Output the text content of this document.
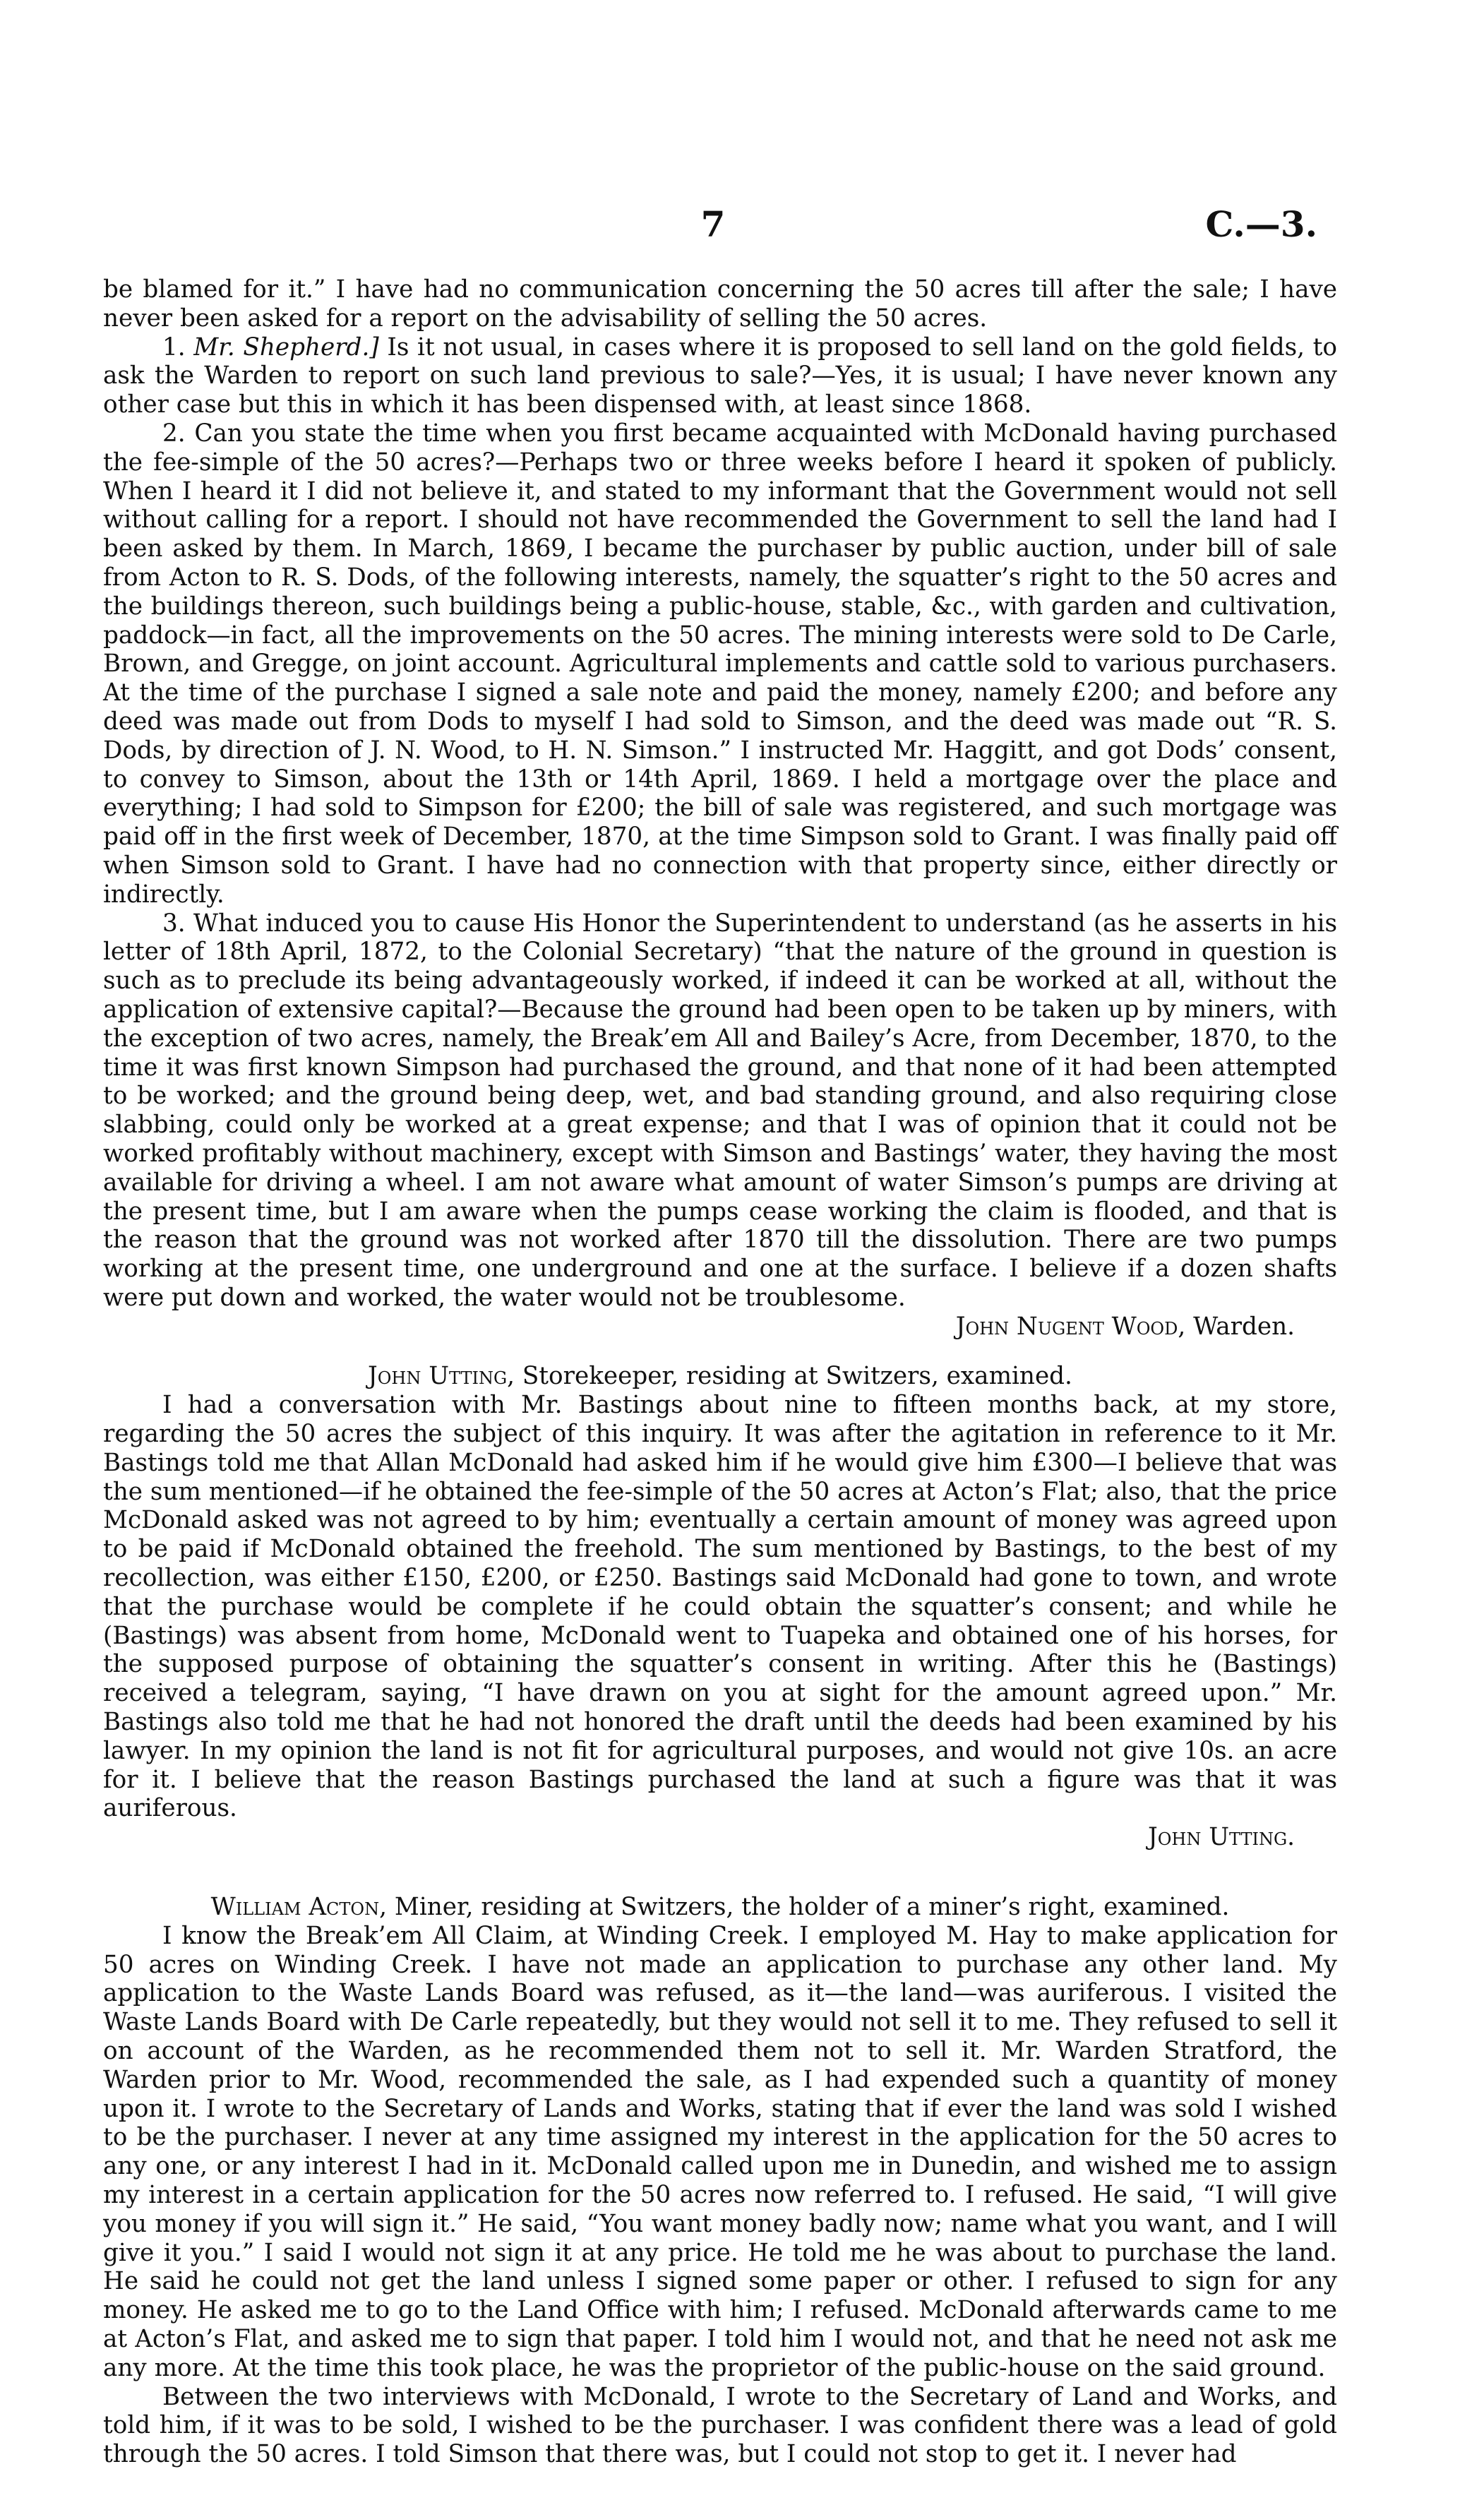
7	C.—3.

be blamed for it.” I have had no communication concerning the 50 acres till after the sale; I have never been asked for a report on the advisability of selling the 50 acres.

1. Mr. Shepherd.] Is it not usual, in cases where it is proposed to sell land on the gold fields, to ask the Warden to report on such land previous to sale?—Yes, it is usual; I have never known any other case but this in which it has been dispensed with, at least since 1868.

2. Can you state the time when you first became acquainted with McDonald having purchased the fee-simple of the 50 acres?—Perhaps two or three weeks before I heard it spoken of publicly. When I heard it I did not believe it, and stated to my informant that the Government would not sell without calling for a report. I should not have recommended the Government to sell the land had I been asked by them. In March, 1869, I became the purchaser by public auction, under bill of sale from Acton to R. S. Dods, of the following interests, namely, the squatter’s right to the 50 acres and the buildings thereon, such buildings being a public-house, stable, &c., with garden and cultivation, paddock—in fact, all the improvements on the 50 acres. The mining interests were sold to De Carle, Brown, and Gregge, on joint account. Agricultural implements and cattle sold to various purchasers. At the time of the purchase I signed a sale note and paid the money, namely £200; and before any deed was made out from Dods to myself I had sold to Simson, and the deed was made out “R. S. Dods, by direction of J. N. Wood, to H. N. Simson.” I instructed Mr. Haggitt, and got Dods’ consent, to convey to Simson, about the 13th or 14th April, 1869. I held a mortgage over the place and everything; I had sold to Simpson for £200; the bill of sale was registered, and such mortgage was paid off in the first week of December, 1870, at the time Simpson sold to Grant. I was finally paid off when Simson sold to Grant. I have had no connection with that property since, either directly or indirectly.

3. What induced you to cause His Honor the Superintendent to understand (as he asserts in his letter of 18th April, 1872, to the Colonial Secretary) “that the nature of the ground in question is such as to preclude its being advantageously worked, if indeed it can be worked at all, without the application of extensive capital?—Because the ground had been open to be taken up by miners, with the exception of two acres, namely, the Break’em All and Bailey’s Acre, from December, 1870, to the time it was first known Simpson had purchased the ground, and that none of it had been attempted to be worked; and the ground being deep, wet, and bad standing ground, and also requiring close slabbing, could only be worked at a great expense; and that I was of opinion that it could not be worked profitably without machinery, except with Simson and Bastings’ water, they having the most available for driving a wheel. I am not aware what amount of water Simson’s pumps are driving at the present time, but I am aware when the pumps cease working the claim is flooded, and that is the reason that the ground was not worked after 1870 till the dissolution. There are two pumps working at the present time, one underground and one at the surface. I believe if a dozen shafts were put down and worked, the water would not be troublesome.

John Nugent Wood, Warden.

John Utting, Storekeeper, residing at Switzers, examined.

I had a conversation with Mr. Bastings about nine to fifteen months back, at my store, regarding the 50 acres the subject of this inquiry. It was after the agitation in reference to it Mr. Bastings told me that Allan McDonald had asked him if he would give him £300—I believe that was the sum mentioned—if he obtained the fee-simple of the 50 acres at Acton’s Flat; also, that the price McDonald asked was not agreed to by him; eventually a certain amount of money was agreed upon to be paid if McDonald obtained the freehold. The sum mentioned by Bastings, to the best of my recollection, was either £150, £200, or £250. Bastings said McDonald had gone to town, and wrote that the purchase would be complete if he could obtain the squatter’s consent; and while he (Bastings) was absent from home, McDonald went to Tuapeka and obtained one of his horses, for the supposed purpose of obtaining the squatter’s consent in writing. After this he (Bastings) received a telegram, saying, “I have drawn on you at sight for the amount agreed upon.” Mr. Bastings also told me that he had not honored the draft until the deeds had been examined by his lawyer. In my opinion the land is not fit for agricultural purposes, and would not give 10s. an acre for it. I believe that the reason Bastings purchased the land at such a figure was that it was auriferous.

John Utting.

William Acton, Miner, residing at Switzers, the holder of a miner’s right, examined.

I know the Break’em All Claim, at Winding Creek. I employed M. Hay to make application for 50 acres on Winding Creek. I have not made an application to purchase any other land. My application to the Waste Lands Board was refused, as it—the land—was auriferous. I visited the Waste Lands Board with De Carle repeatedly, but they would not sell it to me. They refused to sell it on account of the Warden, as he recommended them not to sell it. Mr. Warden Stratford, the Warden prior to Mr. Wood, recommended the sale, as I had expended such a quantity of money upon it. I wrote to the Secretary of Lands and Works, stating that if ever the land was sold I wished to be the purchaser. I never at any time assigned my interest in the application for the 50 acres to any one, or any interest I had in it. McDonald called upon me in Dunedin, and wished me to assign my interest in a certain application for the 50 acres now referred to. I refused. He said, “I will give you money if you will sign it.” He said, “You want money badly now; name what you want, and I will give it you.” I said I would not sign it at any price. He told me he was about to purchase the land. He said he could not get the land unless I signed some paper or other. I refused to sign for any money. He asked me to go to the Land Office with him; I refused. McDonald afterwards came to me at Acton’s Flat, and asked me to sign that paper. I told him I would not, and that he need not ask me any more. At the time this took place, he was the proprietor of the public-house on the said ground.

Between the two interviews with McDonald, I wrote to the Secretary of Land and Works, and told him, if it was to be sold, I wished to be the purchaser. I was confident there was a lead of gold through the 50 acres. I told Simson that there was, but I could not stop to get it. I never had
